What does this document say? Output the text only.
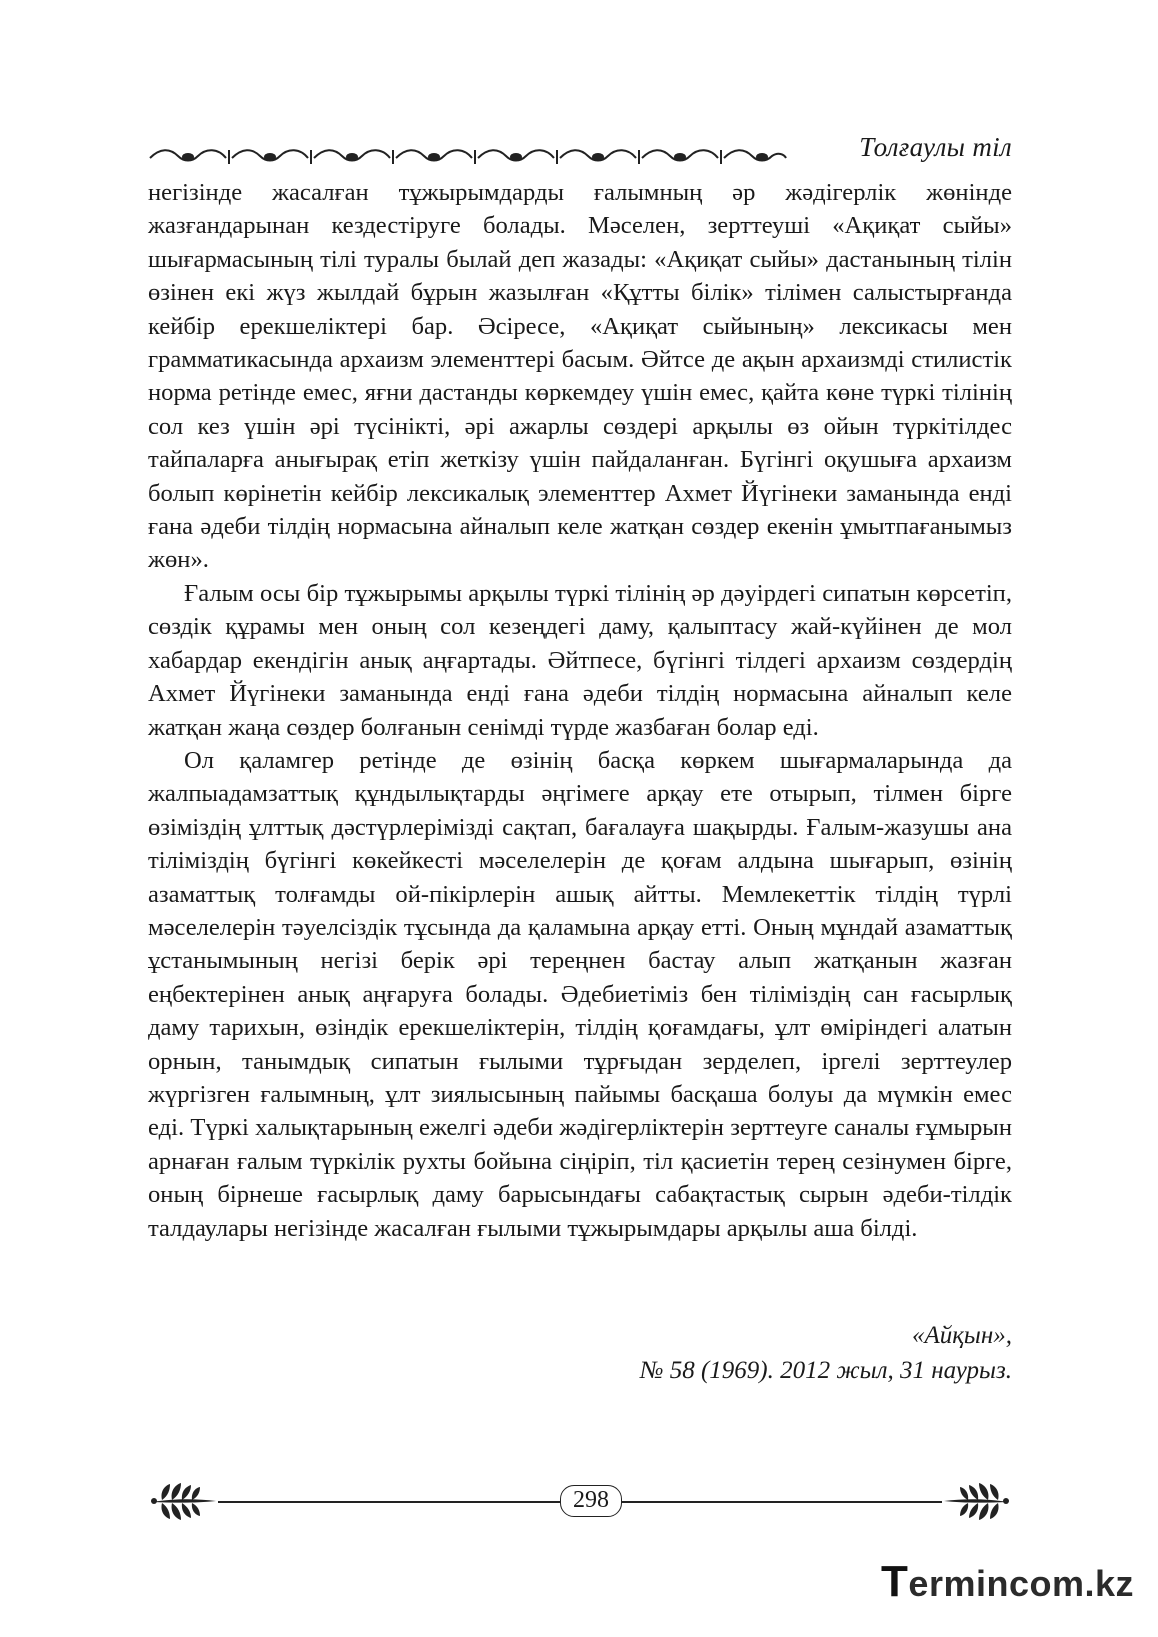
Толғаулы тіл

негізінде жасалған тұжырымдарды ғалымның әр жәдігерлік жөнінде жазғандарынан кездестіруге болады. Мәселен, зерттеуші «Ақиқат сыйы» шығармасының тілі туралы былай деп жазады: «Ақиқат сыйы» дастанының тілін өзінен екі жүз жылдай бұрын жазылған «Құтты білік» тілімен салыстырғанда кейбір ерекшеліктері бар. Әсіресе, «Ақиқат сыйының» лексикасы мен грамматикасында архаизм элементтері басым. Әйтсе де ақын архаизмді стилистік норма ретінде емес, яғни дастанды көркемдеу үшін емес, қайта көне түркі тілінің сол кез үшін әрі түсінікті, әрі ажарлы сөздері арқылы өз ойын түркітілдес тайпаларға анығырақ етіп жеткізу үшін пайдаланған. Бүгінгі оқушыға архаизм болып көрінетін кейбір лексикалық элементтер Ахмет Йүгінеки заманында енді ғана әдеби тілдің нормасына айналып келе жатқан сөздер екенін ұмытпағанымыз жөн».

Ғалым осы бір тұжырымы арқылы түркі тілінің әр дәуірдегі сипатын көрсетіп, сөздік құрамы мен оның сол кезеңдегі даму, қалыптасу жай-күйінен де мол хабардар екендігін анық аңғартады. Әйтпесе, бүгінгі тілдегі архаизм сөздердің Ахмет Йүгінеки заманында енді ғана әдеби тілдің нормасына айналып келе жатқан жаңа сөздер болғанын сенімді түрде жазбаған болар еді.

Ол қаламгер ретінде де өзінің басқа көркем шығармаларында да жалпыадамзаттық құндылықтарды әңгімеге арқау ете отырып, тілмен бірге өзіміздің ұлттық дәстүрлерімізді сақтап, бағалауға шақырды. Ғалым-жазушы ана тіліміздің бүгінгі көкейкесті мәселелерін де қоғам алдына шығарып, өзінің азаматтық толғамды ой-пікірлерін ашық айтты. Мемлекеттік тілдің түрлі мәселелерін тәуелсіздік тұсында да қаламына арқау етті. Оның мұндай азаматтық ұстанымының негізі берік әрі тереңнен бастау алып жатқанын жазған еңбектерінен анық аңғаруға болады. Әдебиетіміз бен тіліміздің сан ғасырлық даму тарихын, өзіндік ерекшеліктерін, тілдің қоғамдағы, ұлт өміріндегі алатын орнын, танымдық сипатын ғылыми тұрғыдан зерделеп, іргелі зерттеулер жүргізген ғалымның, ұлт зиялысының пайымы басқаша болуы да мүмкін емес еді. Түркі халықтарының ежелгі әдеби жәдігерліктерін зерттеуге саналы ғұмырын арнаған ғалым түркілік рухты бойына сіңіріп, тіл қасиетін терең сезінумен бірге, оның бірнеше ғасырлық даму барысындағы сабақтастық сырын әдеби-тілдік талдаулары негізінде жасалған ғылыми тұжырымдары арқылы аша білді.

«Айқын»,
№ 58 (1969). 2012 жыл, 31 наурыз.
298
Termincom.kz
